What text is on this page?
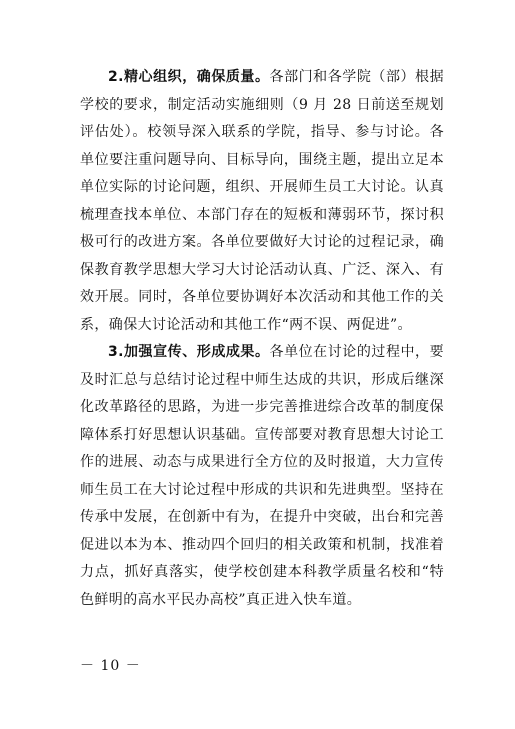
2.精心组织，确保质量。各部门和各学院（部）根据学校的要求，制定活动实施细则（9 月 28 日前送至规划评估处）。校领导深入联系的学院，指导、参与讨论。各单位要注重问题导向、目标导向，围绕主题，提出立足本单位实际的讨论问题，组织、开展师生员工大讨论。认真梳理查找本单位、本部门存在的短板和薄弱环节，探讨积极可行的改进方案。各单位要做好大讨论的过程记录，确保教育教学思想大学习大讨论活动认真、广泛、深入、有效开展。同时，各单位要协调好本次活动和其他工作的关系，确保大讨论活动和其他工作“两不误、两促进”。

3.加强宣传、形成成果。各单位在讨论的过程中，要及时汇总与总结讨论过程中师生达成的共识，形成后继深化改革路径的思路，为进一步完善推进综合改革的制度保障体系打好思想认识基础。宣传部要对教育思想大讨论工作的进展、动态与成果进行全方位的及时报道，大力宣传师生员工在大讨论过程中形成的共识和先进典型。坚持在传承中发展，在创新中有为，在提升中突破，出台和完善促进以本为本、推动四个回归的相关政策和机制，找准着力点，抓好真落实，使学校创建本科教学质量名校和“特色鲜明的高水平民办高校”真正进入快车道。

－ 10 －
